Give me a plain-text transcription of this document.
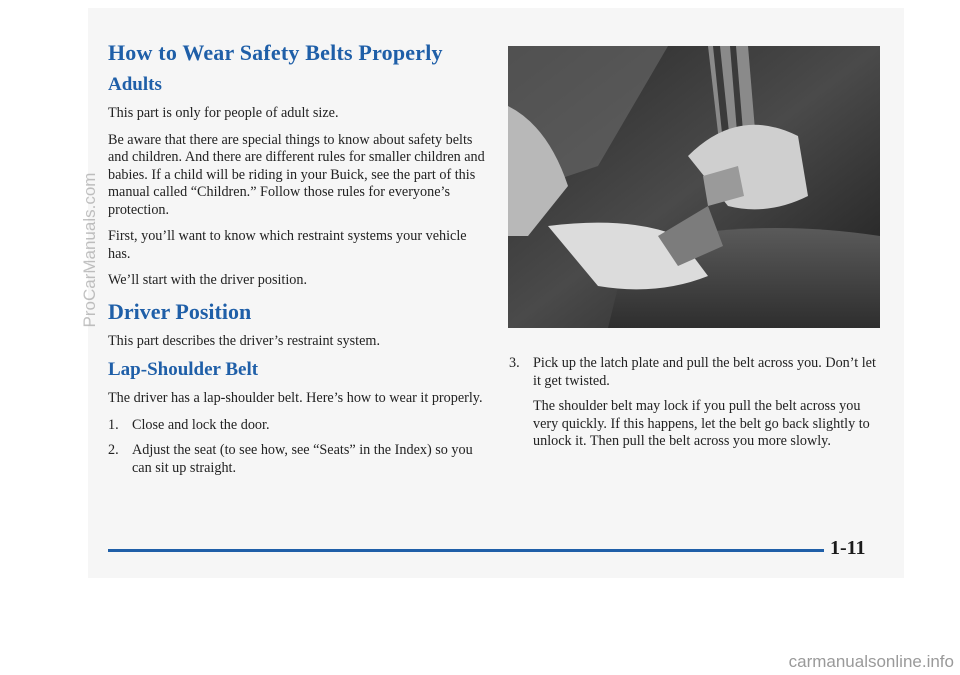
How to Wear Safety Belts Properly
Adults

This part is only for people of adult size.

Be aware that there are special things to know about safety belts and children. And there are different rules for smaller children and babies. If a child will be riding in your Buick, see the part of this manual called “Children.” Follow those rules for everyone’s protection.

First, you’ll want to know which restraint systems your vehicle has.

We’ll start with the driver position.

Driver Position

This part describes the driver’s restraint system.

Lap-Shoulder Belt

The driver has a lap-shoulder belt. Here’s how to wear it properly.

1. Close and lock the door.
2. Adjust the seat (to see how, see “Seats” in the Index) so you can sit up straight.
3. Pick up the latch plate and pull the belt across you. Don’t let it get twisted.

The shoulder belt may lock if you pull the belt across you very quickly. If this happens, let the belt go back slightly to unlock it. Then pull the belt across you more slowly.

1-11
ProCarManuals.com
carmanualsonline.info
